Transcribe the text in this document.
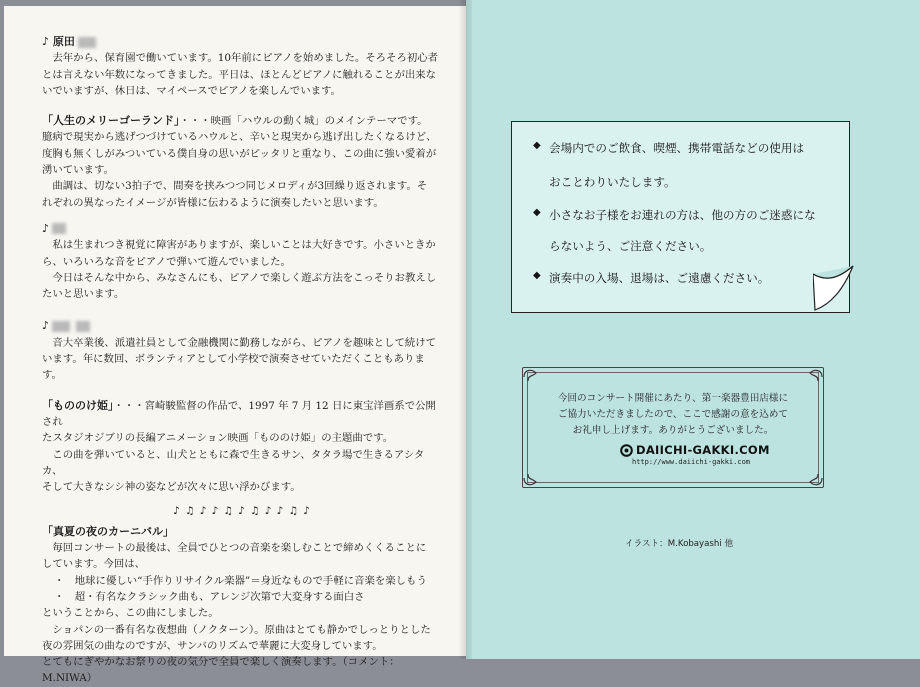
♪ 原田

去年から、保育園で働いています。10年前にピアノを始めました。そろそろ初心者

とは言えない年数になってきました。平日は、ほとんどピアノに触れることが出来な

いでいますが、休日は、マイペースでピアノを楽しんでいます。

「人生のメリーゴーランド」・・・映画「ハウルの動く城」のメインテーマです。

臆病で現実から逃げつづけているハウルと、辛いと現実から逃げ出したくなるけど、

度胸も無くしがみついている僕自身の思いがピッタリと重なり、この曲に強い愛着が

湧いています。

曲調は、切ない3拍子で、間奏を挟みつつ同じメロディが3回繰り返されます。そ

れぞれの異なったイメージが皆様に伝わるように演奏したいと思います。

♪

私は生まれつき視覚に障害がありますが、楽しいことは大好きです。小さいときか

ら、いろいろな音をピアノで弾いて遊んでいました。

今日はそんな中から、みなさんにも、ピアノで楽しく遊ぶ方法をこっそりお教えし

たいと思います。

♪

音大卒業後、派遣社員として金融機関に勤務しながら、ピアノを趣味として続けて

います。年に数回、ボランティアとして小学校で演奏させていただくこともあります。

「もののけ姫」・・・宮崎駿監督の作品で、1997 年 7 月 12 日に東宝洋画系で公開され

たスタジオジブリの長編アニメーション映画「もののけ姫」の主題曲です。

この曲を弾いていると、山犬とともに森で生きるサン、タタラ場で生きるアシタカ、

そして大きなシシ神の姿などが次々に思い浮かびます。

♪ ♫ ♪ ♪ ♫ ♪ ♫ ♪ ♪ ♫ ♪

「真夏の夜のカーニバル」

毎回コンサートの最後は、全員でひとつの音楽を楽しむことで締めくくることに

しています。今回は、

・　地球に優しい“手作りリサイクル楽器”＝身近なもので手軽に音楽を楽しもう

・　超・有名なクラシック曲も、アレンジ次第で大変身する面白さ

ということから、この曲にしました。

ショパンの一番有名な夜想曲（ノクターン）。原曲はとても静かでしっとりとした

夜の雰囲気の曲なのですが、サンバのリズムで華麗に大変身しています。

とてもにぎやかなお祭りの夜の気分で全員で楽しく演奏します。（コメント：M.NIWA）

◆ 会場内でのご飲食、喫煙、携帯電話などの使用は

おことわりいたします。

◆ 小さなお子様をお連れの方は、他の方のご迷惑にな

らないよう、ご注意ください。

◆ 演奏中の入場、退場は、ご遠慮ください。

今回のコンサート開催にあたり、第一楽器豊田店様に

ご協力いただきましたので、ここで感謝の意を込めて

お礼申し上げます。ありがとうございました。

DAIICHI-GAKKI.COM

http://www.daiichi-gakki.com

イラスト：M.Kobayashi 他
